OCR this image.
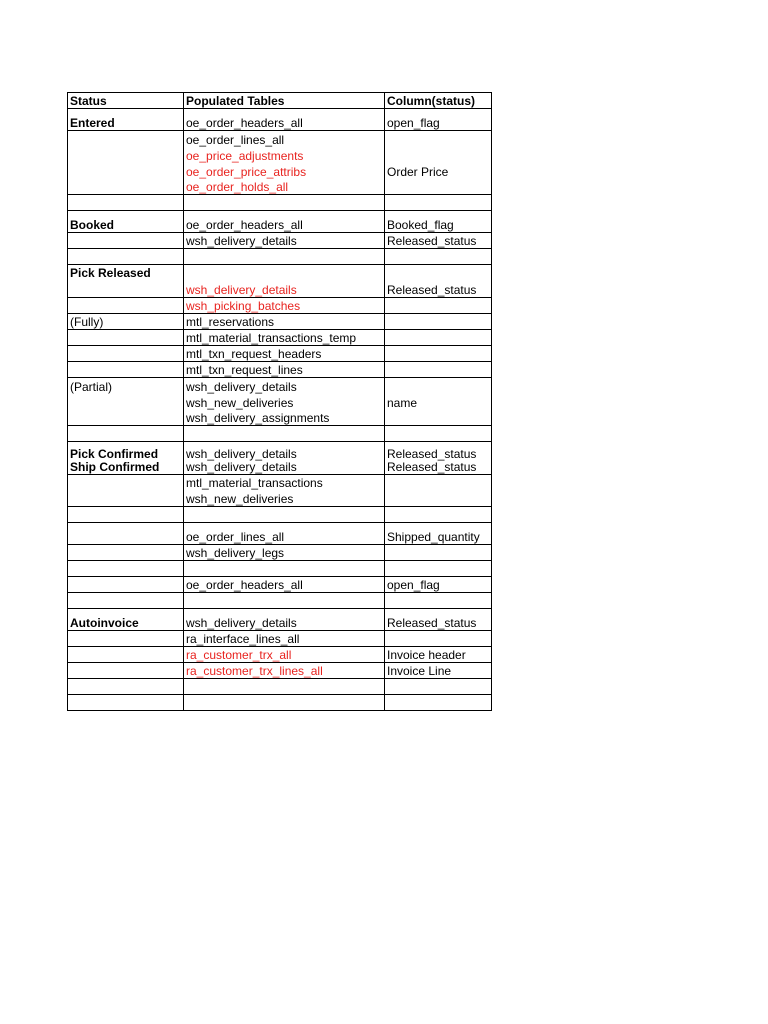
Status	Populated Tables	Column(status)
Entered	oe_order_headers_all	open_flag
	oe_order_lines_all	
	oe_price_adjustments	
	oe_order_price_attribs	Order Price
	oe_order_holds_all	

Booked	oe_order_headers_all	Booked_flag
	wsh_delivery_details	Released_status

Pick Released	wsh_delivery_details	Released_status
	wsh_picking_batches	
(Fully)	mtl_reservations	
	mtl_material_transactions_temp	
	mtl_txn_request_headers	
	mtl_txn_request_lines	
(Partial)	wsh_delivery_details	
	wsh_new_deliveries	name
	wsh_delivery_assignments	

Pick Confirmed	wsh_delivery_details	Released_status
Ship Confirmed	wsh_delivery_details	Released_status
	mtl_material_transactions	
	wsh_new_deliveries	

	oe_order_lines_all	Shipped_quantity
	wsh_delivery_legs	

	oe_order_headers_all	open_flag

Autoinvoice	wsh_delivery_details	Released_status
	ra_interface_lines_all	
	ra_customer_trx_all	Invoice header
	ra_customer_trx_lines_all	Invoice Line
